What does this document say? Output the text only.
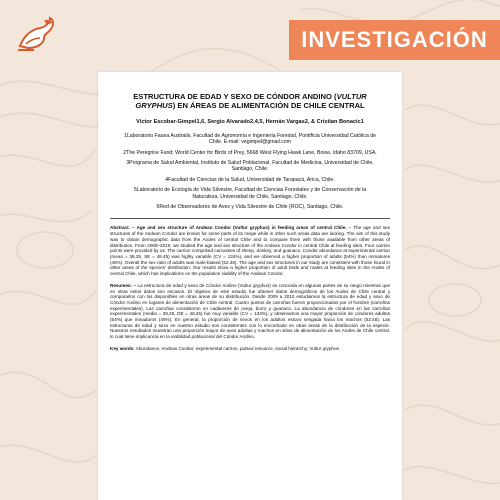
INVESTIGACIÓN
ESTRUCTURA DE EDAD Y SEXO DE CÓNDOR ANDINO (VULTUR GRYPHUS) EN ÁREAS DE ALIMENTACIÓN DE CHILE CENTRAL
Víctor Escobar-Gimpel1,6, Sergio Alvarado2,4,5, Hernán Vargas2, & Cristian Bonacic1
1Laboratorio Fauna Australis, Facultad de Agronomía e Ingeniería Forestal, Pontificia Universidad Católica de Chile. E-mail: vegimpel@gmail.com
2The Peregrine Fund; World Center for Birds of Prey, 5668 West Flying Hawk Lane, Boise, Idaho 83709, USA.
3Programa de Salud Ambiental, Instituto de Salud Poblacional, Facultad de Medicina, Universidad de Chile, Santiago, Chile.
4Facultad de Ciencias de la Salud, Universidad de Tarapacá, Arica, Chile.
5Laboratorio de Ecología de Vida Silvestre, Facultad de Ciencias Forestales y de Conservación de la Naturaleza, Universidad de Chile, Santiago, Chile.
6Red de Observadores de Aves y Vida Silvestre de Chile (ROC), Santiago, Chile.

Abstract. – Age and sex structure of Andean Condor (Vultur gryphus) in feeding areas of central Chile. – The age and sex structures of the Andean Condor are known for some parts of its range while in other such areas data are lacking. The aim of this study was to obtain demographic data from the Andes of central Chile and to compare them with those available from other areas of distribution. From 2009–2010, we studied the age and sex structure of the Andean Condor in central Chile at feeding sites. Four carrion points were provided by us. The carrion comprised carcasses of sheep, donkey, and guanaco. Condor abundance at experimental carrion (mean = 36.25, SE = 48.45) was highly variable (CV = 134%), and we observed a higher proportion of adults (54%) than immatures (46%). Overall the sex ratio of adults was male-biased (52:48). The age and sex structures in our study are consistent with those found in other areas of the species' distribution. Our results show a higher proportion of adult birds and males at feeding sites in the Andes of central Chile, which has implications on the population viability of the Andean Condor.

Resumen. – La estructura de edad y sexo de Cóndor Andino (Vultur gryphus) es conocida en algunas partes de su rango mientras que en otras estos datos son escasos. El objetivo de este estudio fue obtener datos demográficos de los Andes de Chile central y compararlos con los disponibles en otras áreas de su distribución. Desde 2009 a 2010 estudiamos la estructura de edad y sexo de Cóndor Andino en lugares de alimentación de Chile central. Cuatro puntos de carroñas fueron proporcionados por el hombre (carroñas experimentales). Las carroñas consistieron en cadáveres de oveja, burro y guanaco. La abundancia de cóndores en las carroñas experimentales (media = 36,25, DE = 48,45) fue muy variable (CV = 134%), y observamos una mayor proporción de cóndores adultos (54%) que inmaduros (46%). En general, la proporción de sexos en los adultos estuvo sesgada hacia los machos (52:48). Las estructuras de edad y sexo en nuestro estudio son consistentes con lo encontrado en otras áreas de la distribución de la especie. Nuestros resultados muestran una proporción mayor de aves adultas y machos en sitios de alimentación de los Andes de Chile central, lo cual tiene implicancia en la viabilidad poblacional del Cóndor Andino.

Key words: Abundance, Andean Condor, experimental carrion, pulsed resource, social hierarchy, Vultur gryphus.
